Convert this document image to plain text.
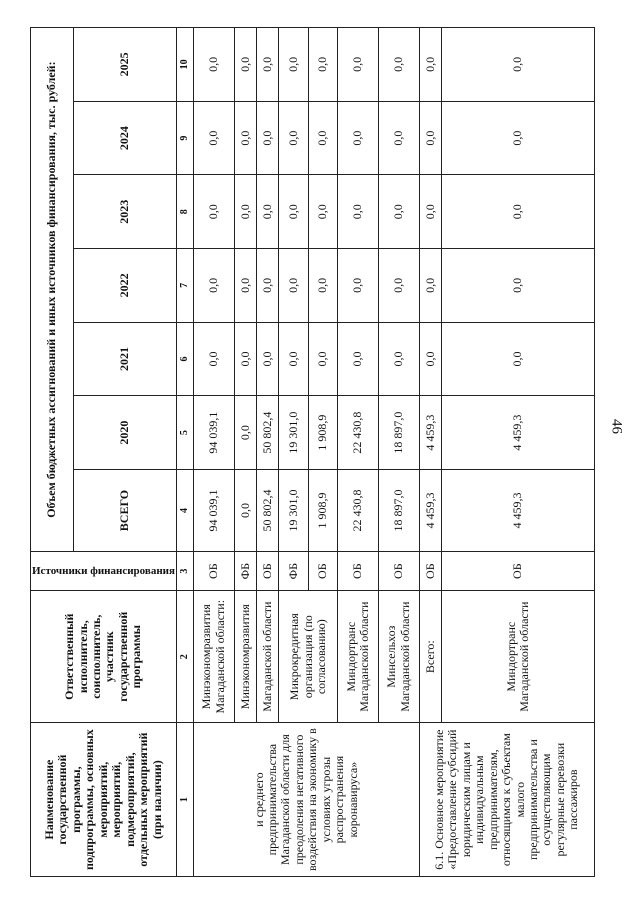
46
Наименование государственной программы, подпрограммы, основных мероприятий, мероприятий, подмероприятий, отдельных мероприятий (при наличии)	Ответственный исполнитель, соисполнитель, участник государственной программы	Источники финансирования	Объем бюджетных ассигнований и иных источников финансирования, тыс. рублей:						
			ВСЕГО	2020	2021	2022	2023	2024	2025
1	2	3	4	5	6	7	8	9	10
и среднего предпринимательства Магаданской области для преодоления негативного воздействия на экономику в условиях угрозы распространения коронавируса»	Минэкономразвития Магаданской области:	ОБ	94 039,1	94 039,1	0,0	0,0	0,0	0,0	0,0
	Минэкономразвития	ФБ	0,0	0,0	0,0	0,0	0,0	0,0	0,0
	Магаданской области	ОБ	50 802,4	50 802,4	0,0	0,0	0,0	0,0	0,0
	Микрокредитная организация (по согласованию)	ФБ	19 301,0	19 301,0	0,0	0,0	0,0	0,0	0,0
		ОБ	1 908,9	1 908,9	0,0	0,0	0,0	0,0	0,0
	Миндортранс Магаданской области	ОБ	22 430,8	22 430,8	0,0	0,0	0,0	0,0	0,0
	Минсельхоз Магаданской области	ОБ	18 897,0	18 897,0	0,0	0,0	0,0	0,0	0,0
6.1. Основное мероприятие «Предоставление субсидий юридическим лицам и индивидуальным предпринимателям, относящимся к субъектам малого предпринимательства и осуществляющим регулярные перевозки пассажиров	Всего:	ОБ	4 459,3	4 459,3	0,0	0,0	0,0	0,0	0,0
	Миндортранс Магаданской области	ОБ	4 459,3	4 459,3	0,0	0,0	0,0	0,0	0,0
